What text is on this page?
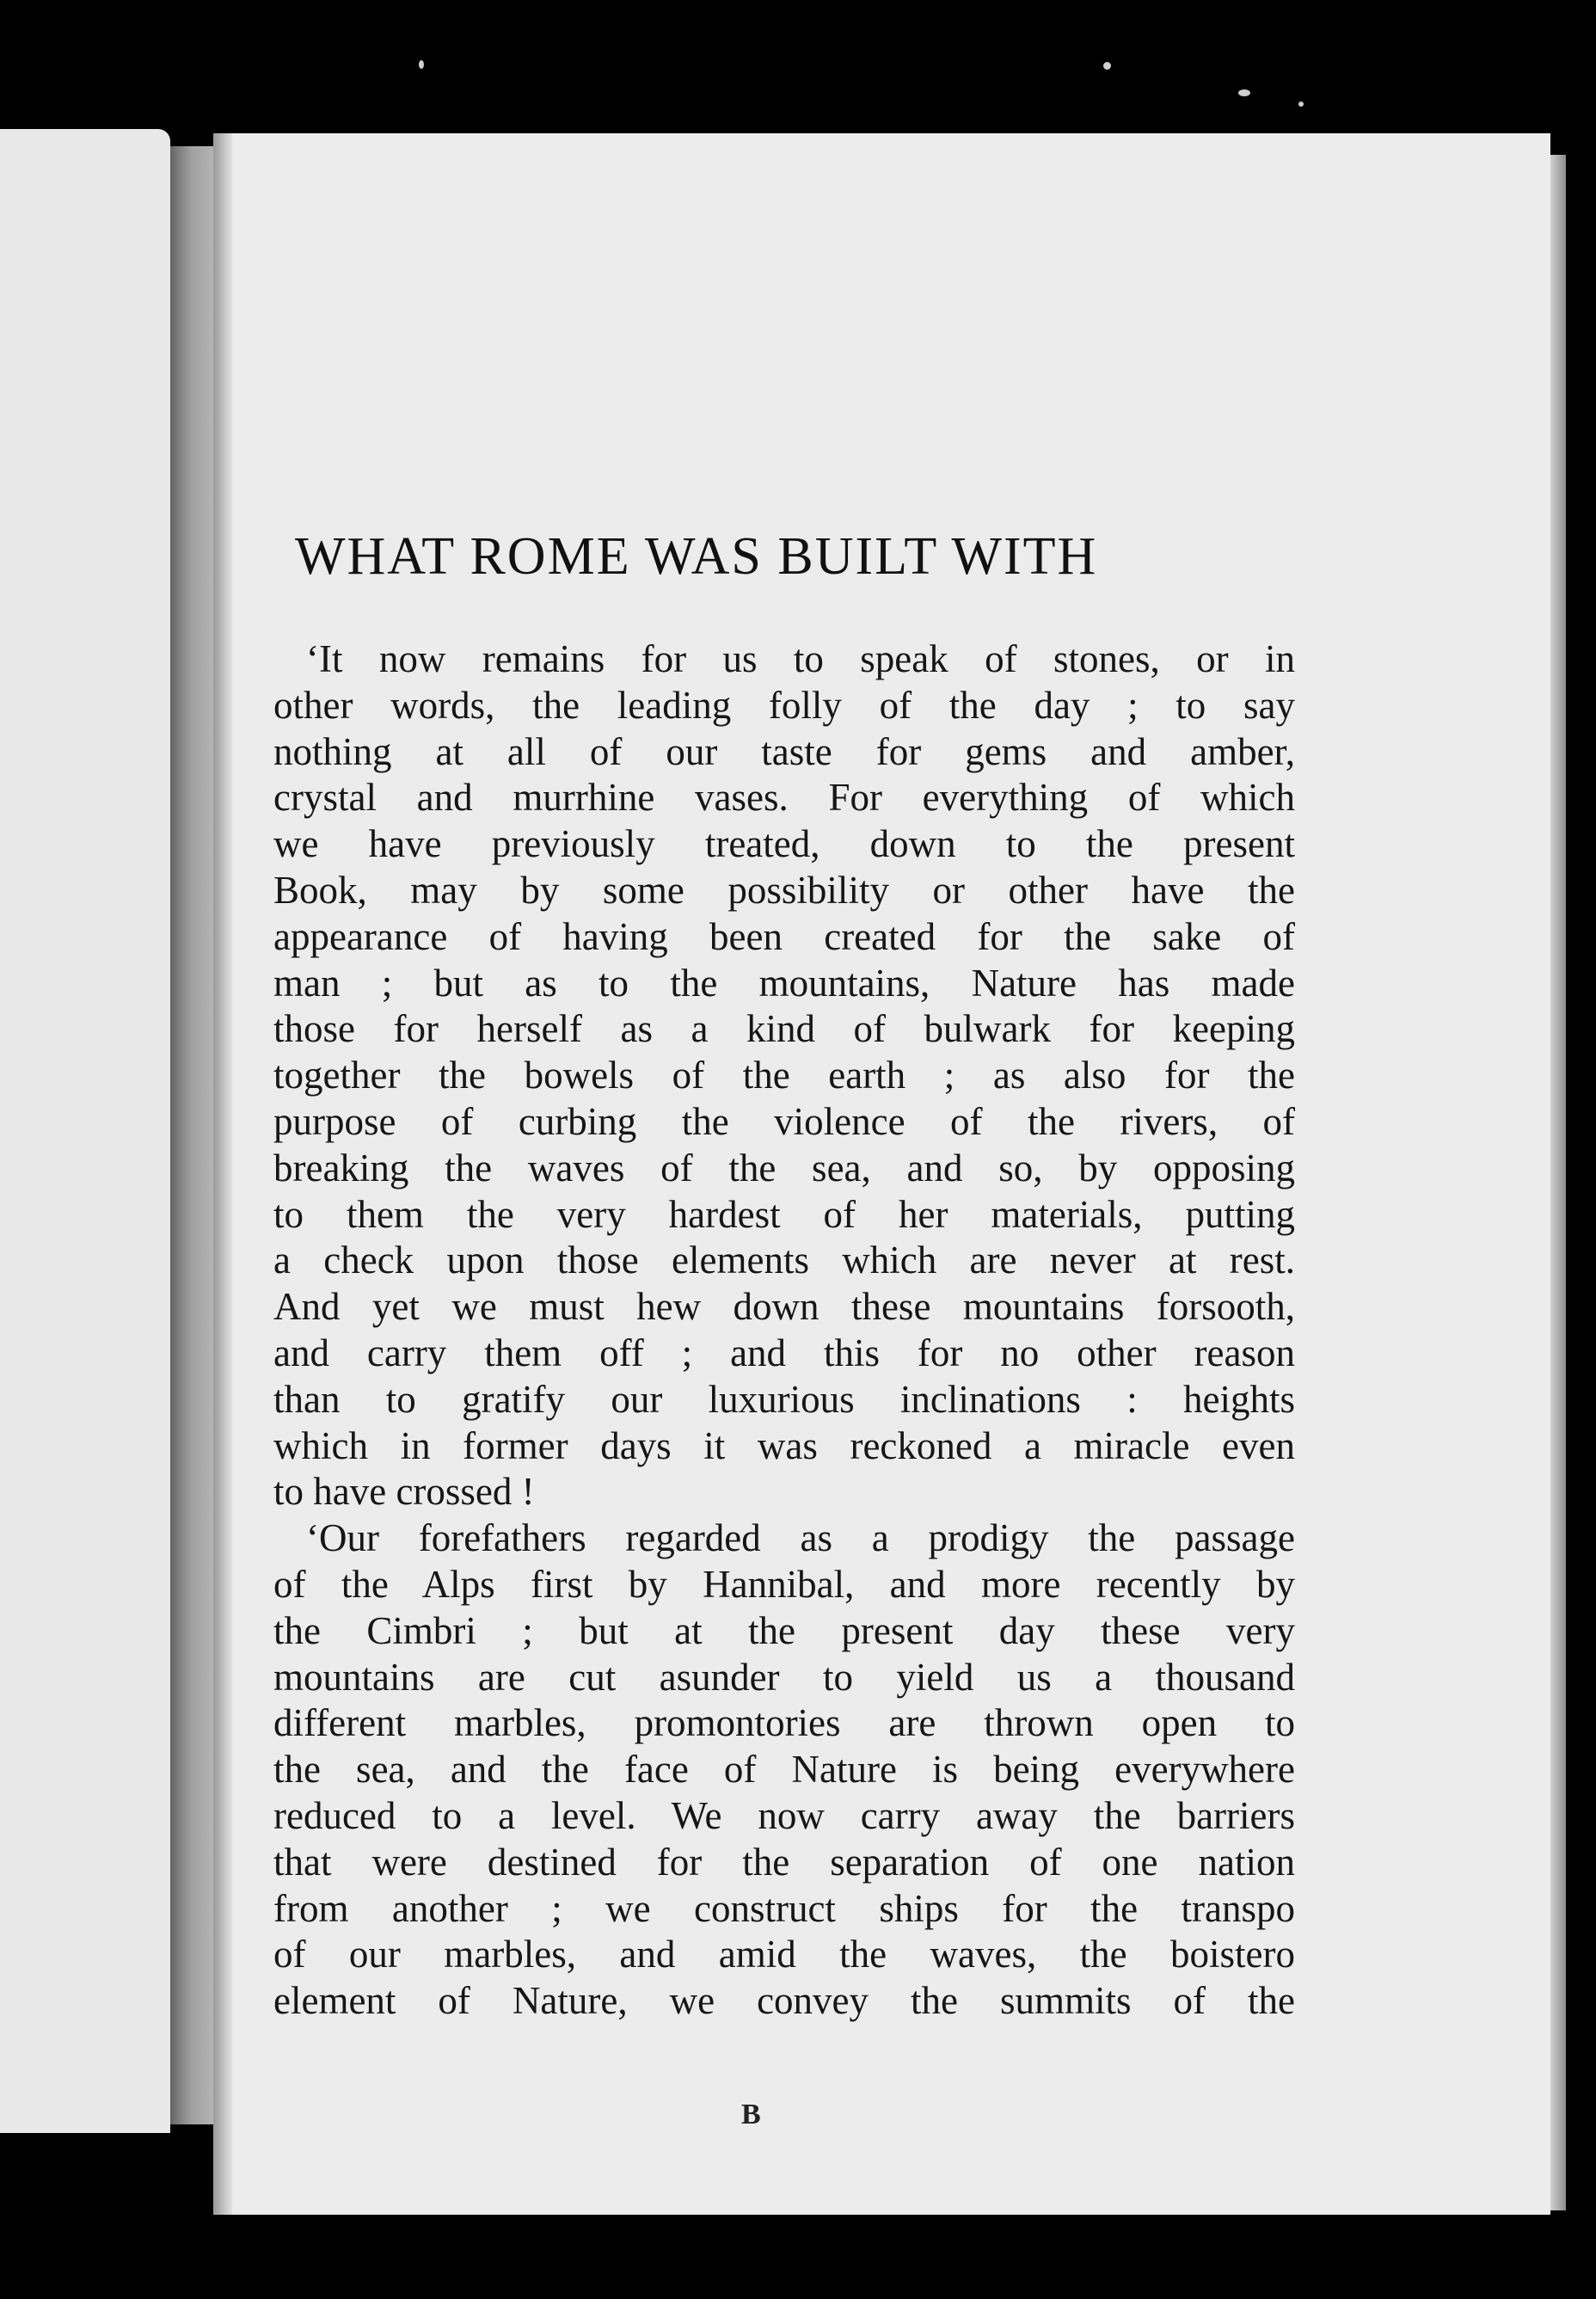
WHAT ROME WAS BUILT WITH
‘It now remains for us to speak of stones, or in
other words, the leading folly of the day ; to say
nothing at all of our taste for gems and amber,
crystal and murrhine vases. For everything of which
we have previously treated, down to the present
Book, may by some possibility or other have the
appearance of having been created for the sake of
man ; but as to the mountains, Nature has made
those for herself as a kind of bulwark for keeping
together the bowels of the earth ; as also for the
purpose of curbing the violence of the rivers, of
breaking the waves of the sea, and so, by opposing
to them the very hardest of her materials, putting
a check upon those elements which are never at rest.
And yet we must hew down these mountains forsooth,
and carry them off ; and this for no other reason
than to gratify our luxurious inclinations : heights
which in former days it was reckoned a miracle even
to have crossed !
‘Our forefathers regarded as a prodigy the passage
of the Alps first by Hannibal, and more recently by
the Cimbri ; but at the present day these very
mountains are cut asunder to yield us a thousand
different marbles, promontories are thrown open to
the sea, and the face of Nature is being everywhere
reduced to a level. We now carry away the barriers
that were destined for the separation of one nation
from another ; we construct ships for the transpo
of our marbles, and amid the waves, the boistero
element of Nature, we convey the summits of the
B
